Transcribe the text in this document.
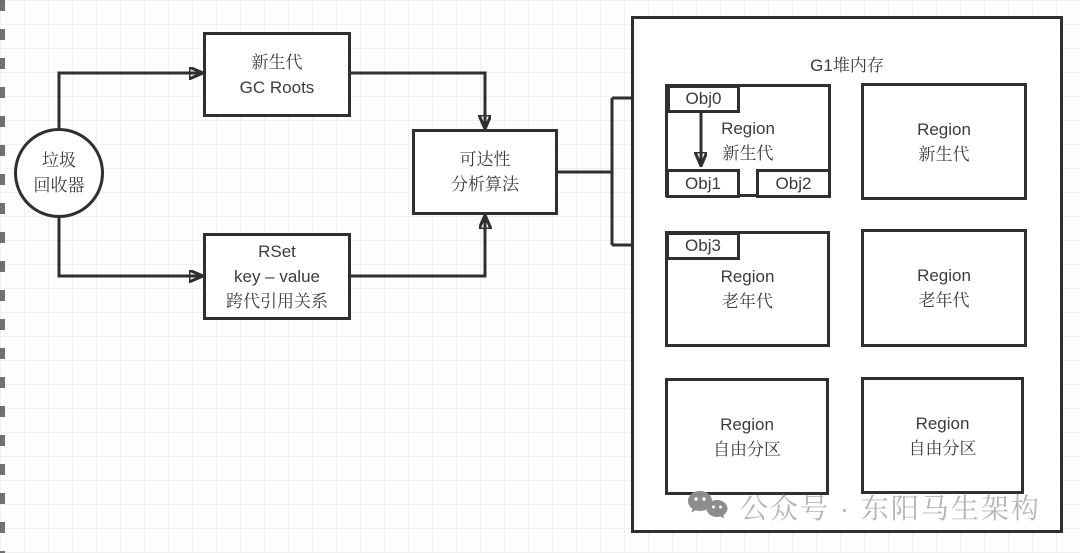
垃圾
回收器
新生代
GC Roots
RSet
key – value
跨代引用关系
可达性
分析算法
G1堆内存
Region
新生代
Region
新生代
Region
老年代
Region
老年代
Region
自由分区
Region
自由分区
Obj0
Obj1	Obj2
Obj3
公众号 · 东阳马生架构
